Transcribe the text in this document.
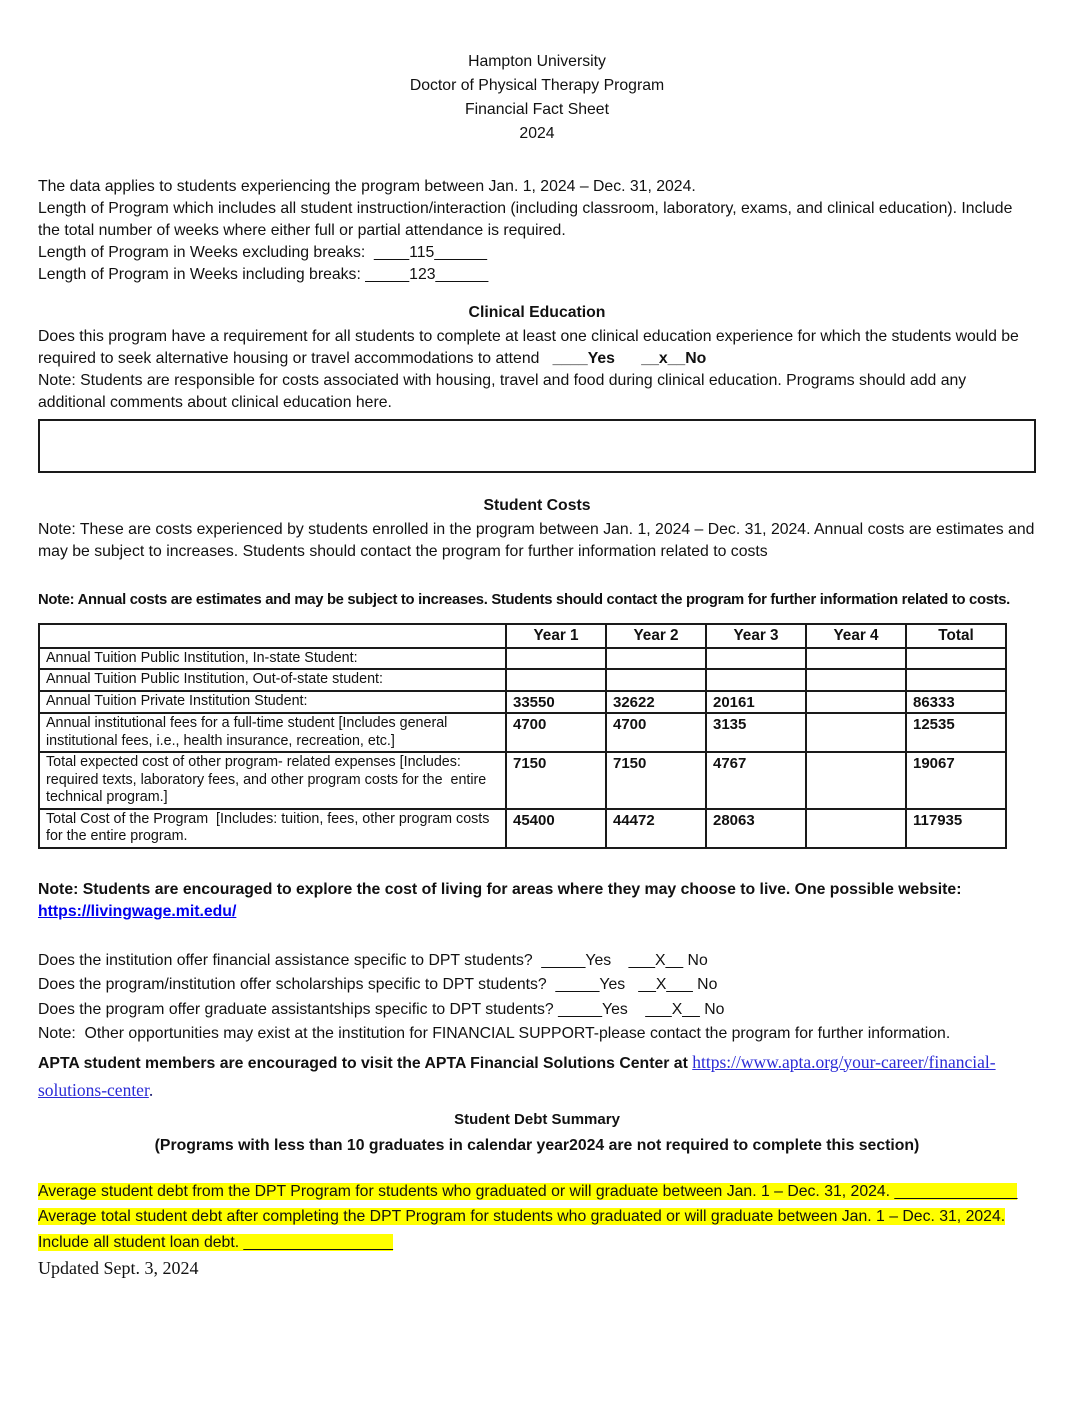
Hampton University
Doctor of Physical Therapy Program
Financial Fact Sheet
2024
The data applies to students experiencing the program between Jan. 1, 2024 – Dec. 31, 2024.
Length of Program which includes all student instruction/interaction (including classroom, laboratory, exams, and clinical education). Include the total number of weeks where either full or partial attendance is required.
Length of Program in Weeks excluding breaks:  ____115______
Length of Program in Weeks including breaks: _____123______
Clinical Education
Does this program have a requirement for all students to complete at least one clinical education experience for which the students would be required to seek alternative housing or travel accommodations to attend   ____Yes      __x__No
Note: Students are responsible for costs associated with housing, travel and food during clinical education. Programs should add any additional comments about clinical education here.
Student Costs
Note: These are costs experienced by students enrolled in the program between Jan. 1, 2024 – Dec. 31, 2024. Annual costs are estimates and may be subject to increases. Students should contact the program for further information related to costs
Note: Annual costs are estimates and may be subject to increases. Students should contact the program for further information related to costs.
	Year 1	Year 2	Year 3	Year 4	Total
Annual Tuition Public Institution, In-state Student:					
Annual Tuition Public Institution, Out-of-state student:					
Annual Tuition Private Institution Student:	33550	32622	20161		86333
Annual institutional fees for a full-time student [Includes general institutional fees, i.e., health insurance, recreation, etc.]	4700	4700	3135		12535
Total expected cost of other program- related expenses [Includes: required texts, laboratory fees, and other program costs for the  entire technical program.]	7150	7150	4767		19067
Total Cost of the Program  [Includes: tuition, fees, other program costs for the entire program.	45400	44472	28063		117935
Note: Students are encouraged to explore the cost of living for areas where they may choose to live. One possible website:
https://livingwage.mit.edu/
Does the institution offer financial assistance specific to DPT students?  _____Yes    ___X__ No
Does the program/institution offer scholarships specific to DPT students?  _____Yes   __X___ No
Does the program offer graduate assistantships specific to DPT students? _____Yes    ___X__ No
Note:  Other opportunities may exist at the institution for FINANCIAL SUPPORT-please contact the program for further information.
APTA student members are encouraged to visit the APTA Financial Solutions Center at https://www.apta.org/your-career/financial-solutions-center.
Student Debt Summary
(Programs with less than 10 graduates in calendar year2024 are not required to complete this section)
Average student debt from the DPT Program for students who graduated or will graduate between Jan. 1 – Dec. 31, 2024. ______________
Average total student debt after completing the DPT Program for students who graduated or will graduate between Jan. 1 – Dec. 31, 2024.
Include all student loan debt. _________________
Updated Sept. 3, 2024
